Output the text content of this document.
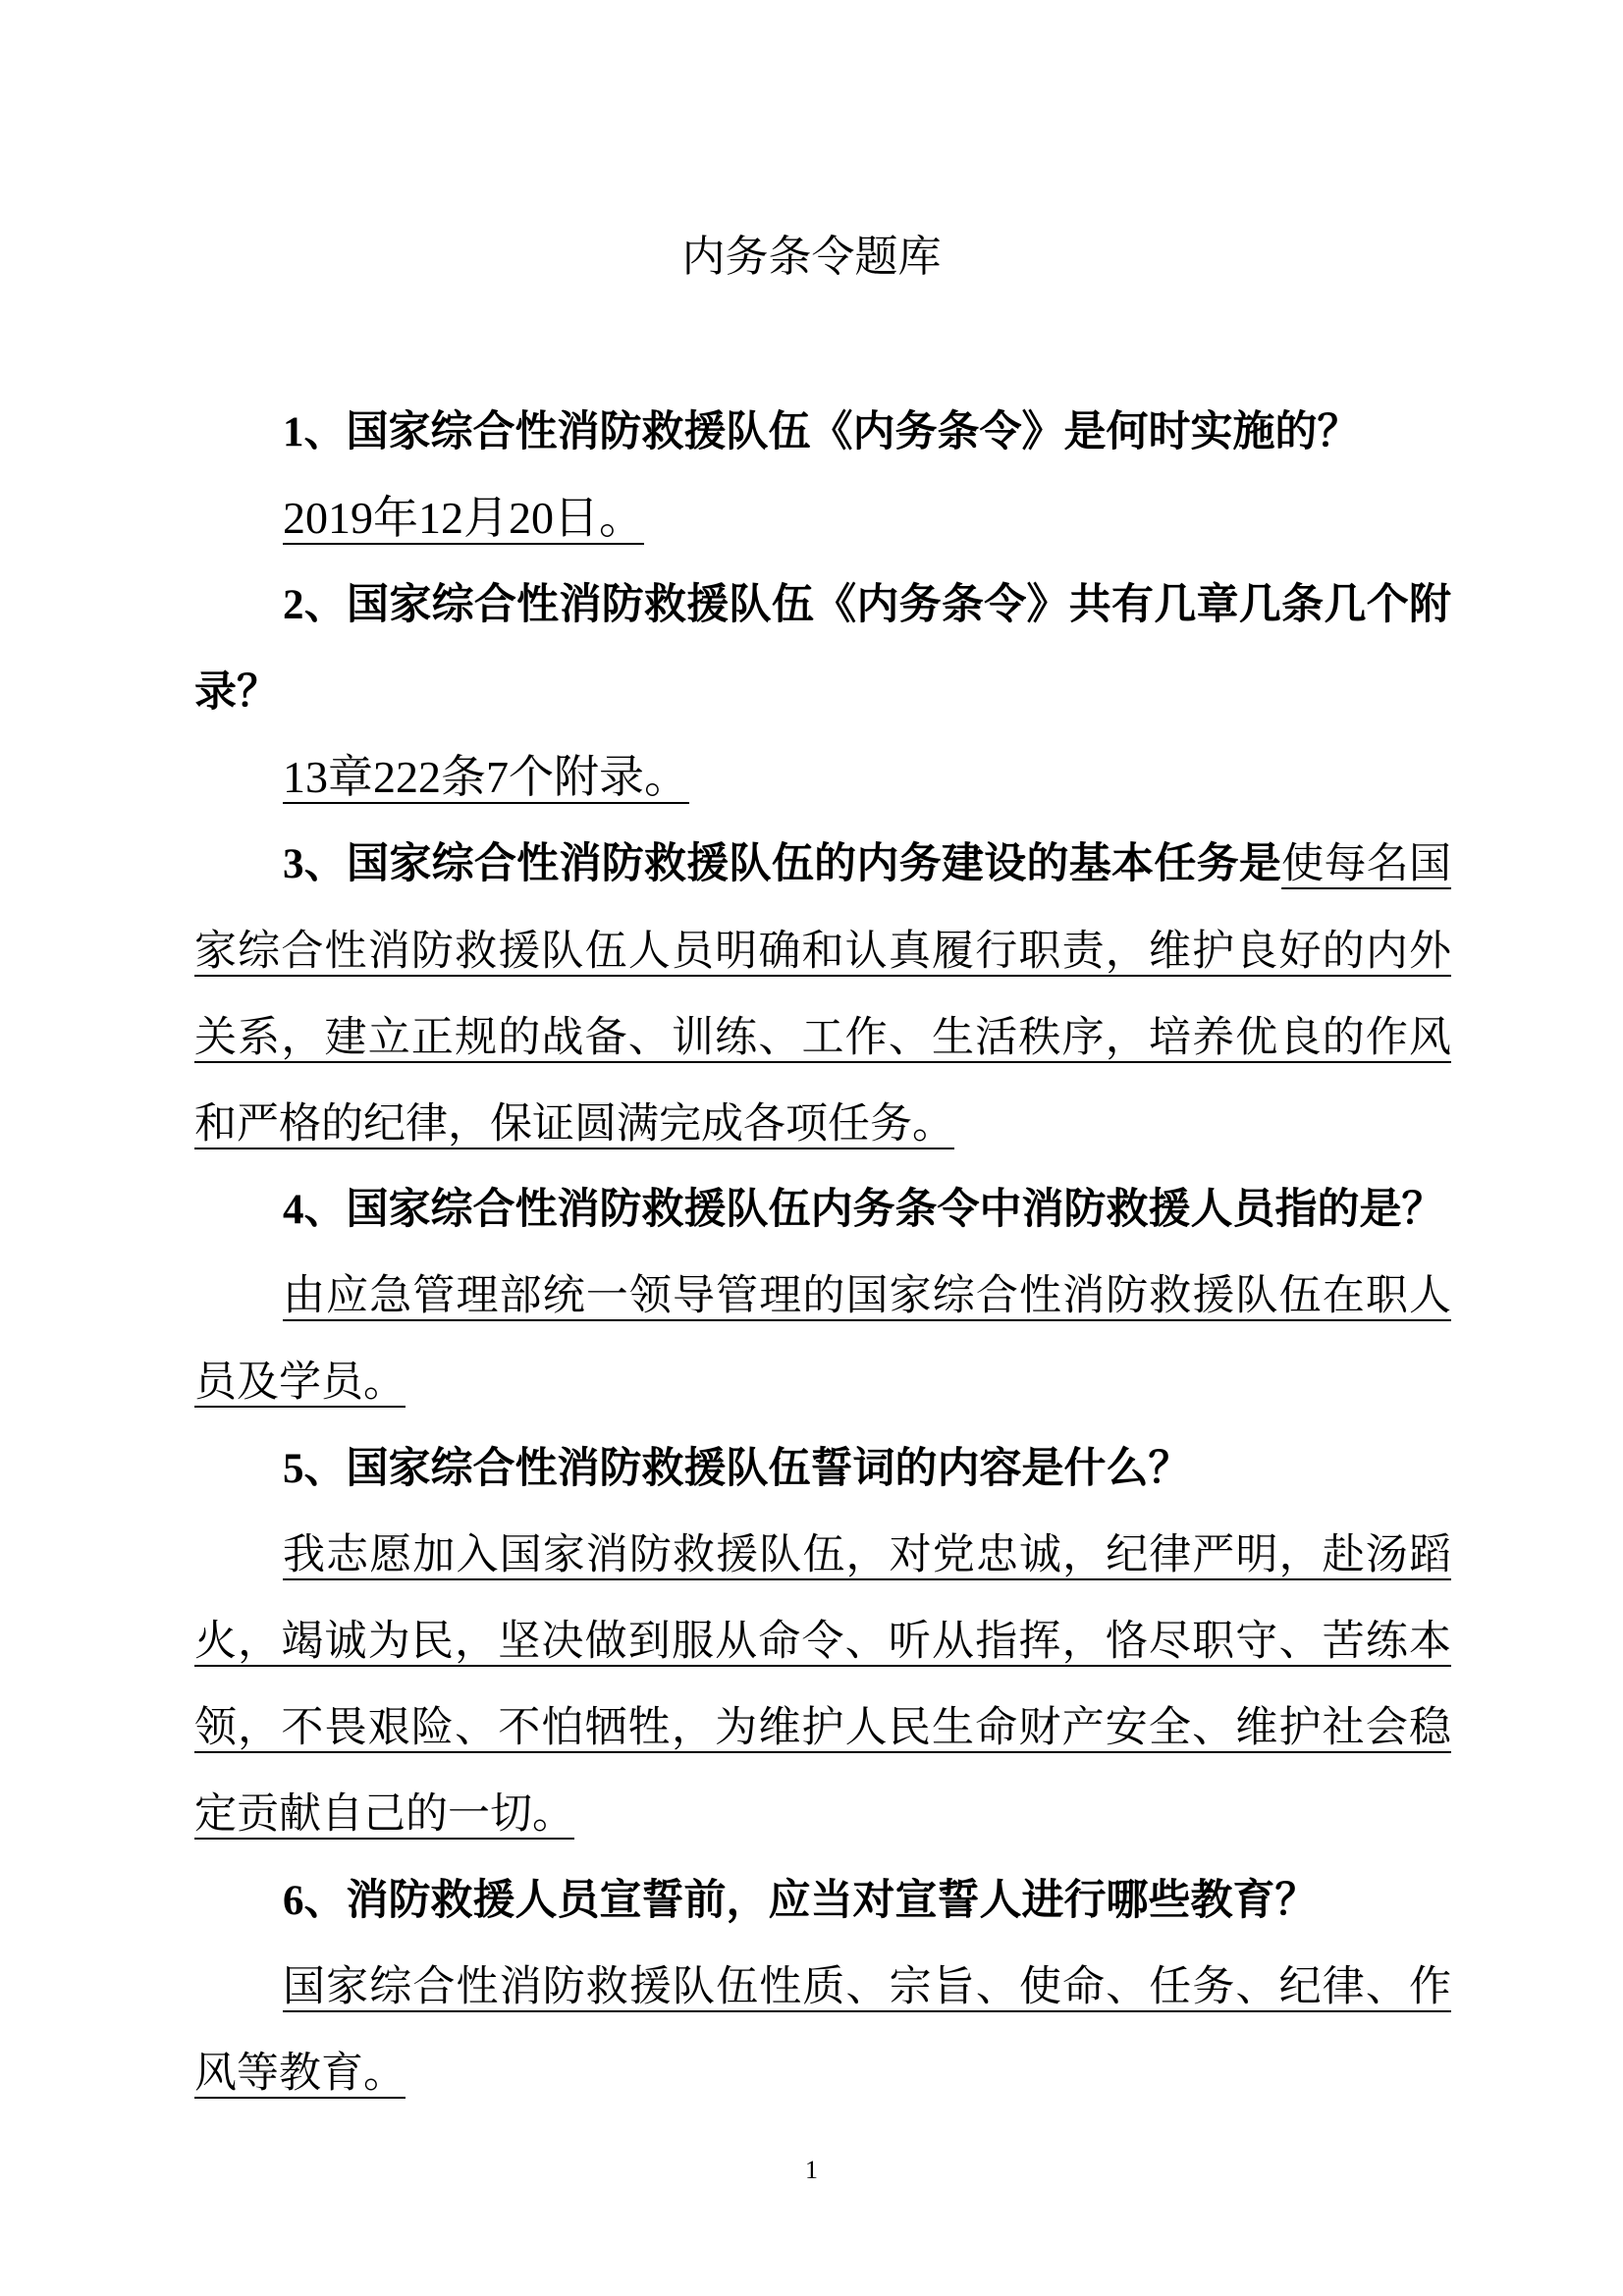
内务条令题库

1、国家综合性消防救援队伍《内务条令》是何时实施的？

2019年12月20日。

2、国家综合性消防救援队伍《内务条令》共有几章几条几个附录？

13章222条7个附录。

3、国家综合性消防救援队伍的内务建设的基本任务是使每名国家综合性消防救援队伍人员明确和认真履行职责，维护良好的内外关系，建立正规的战备、训练、工作、生活秩序，培养优良的作风和严格的纪律，保证圆满完成各项任务。

4、国家综合性消防救援队伍内务条令中消防救援人员指的是？

由应急管理部统一领导管理的国家综合性消防救援队伍在职人员及学员。

5、国家综合性消防救援队伍誓词的内容是什么？

我志愿加入国家消防救援队伍，对党忠诚，纪律严明，赴汤蹈火，竭诚为民，坚决做到服从命令、听从指挥，恪尽职守、苦练本领，不畏艰险、不怕牺牲，为维护人民生命财产安全、维护社会稳定贡献自己的一切。

6、消防救援人员宣誓前，应当对宣誓人进行哪些教育？

国家综合性消防救援队伍性质、宗旨、使命、任务、纪律、作风等教育。

1
